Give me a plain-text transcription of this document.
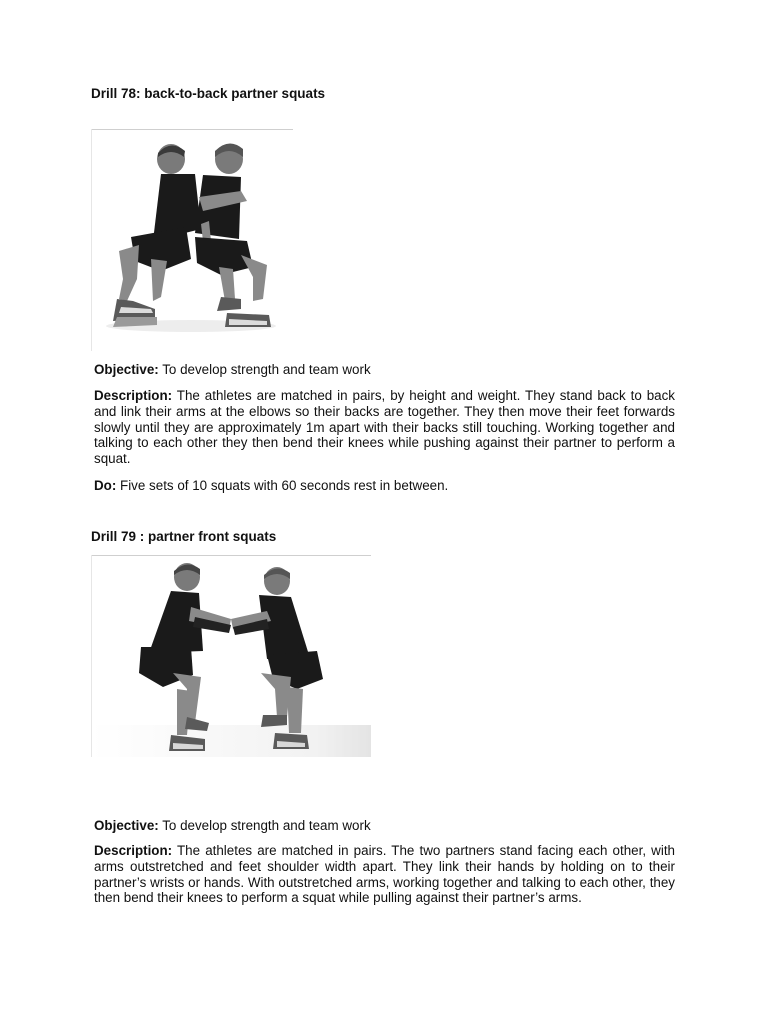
Drill 78: back-to-back partner squats

Objective: To develop strength and team work

Description: The athletes are matched in pairs, by height and weight. They stand back to back and link their arms at the elbows so their backs are together. They then move their feet forwards slowly until they are approximately 1m apart with their backs still touching. Working together and talking to each other they then bend their knees while pushing against their partner to perform a squat.

Do: Five sets of 10 squats with 60 seconds rest in between.

Drill 79 : partner front squats

Objective: To develop strength and team work

Description: The athletes are matched in pairs. The two partners stand facing each other, with arms outstretched and feet shoulder width apart. They link their hands by holding on to their partner’s wrists or hands. With outstretched arms, working together and talking to each other, they then bend their knees to perform a squat while pulling against their partner’s arms.
